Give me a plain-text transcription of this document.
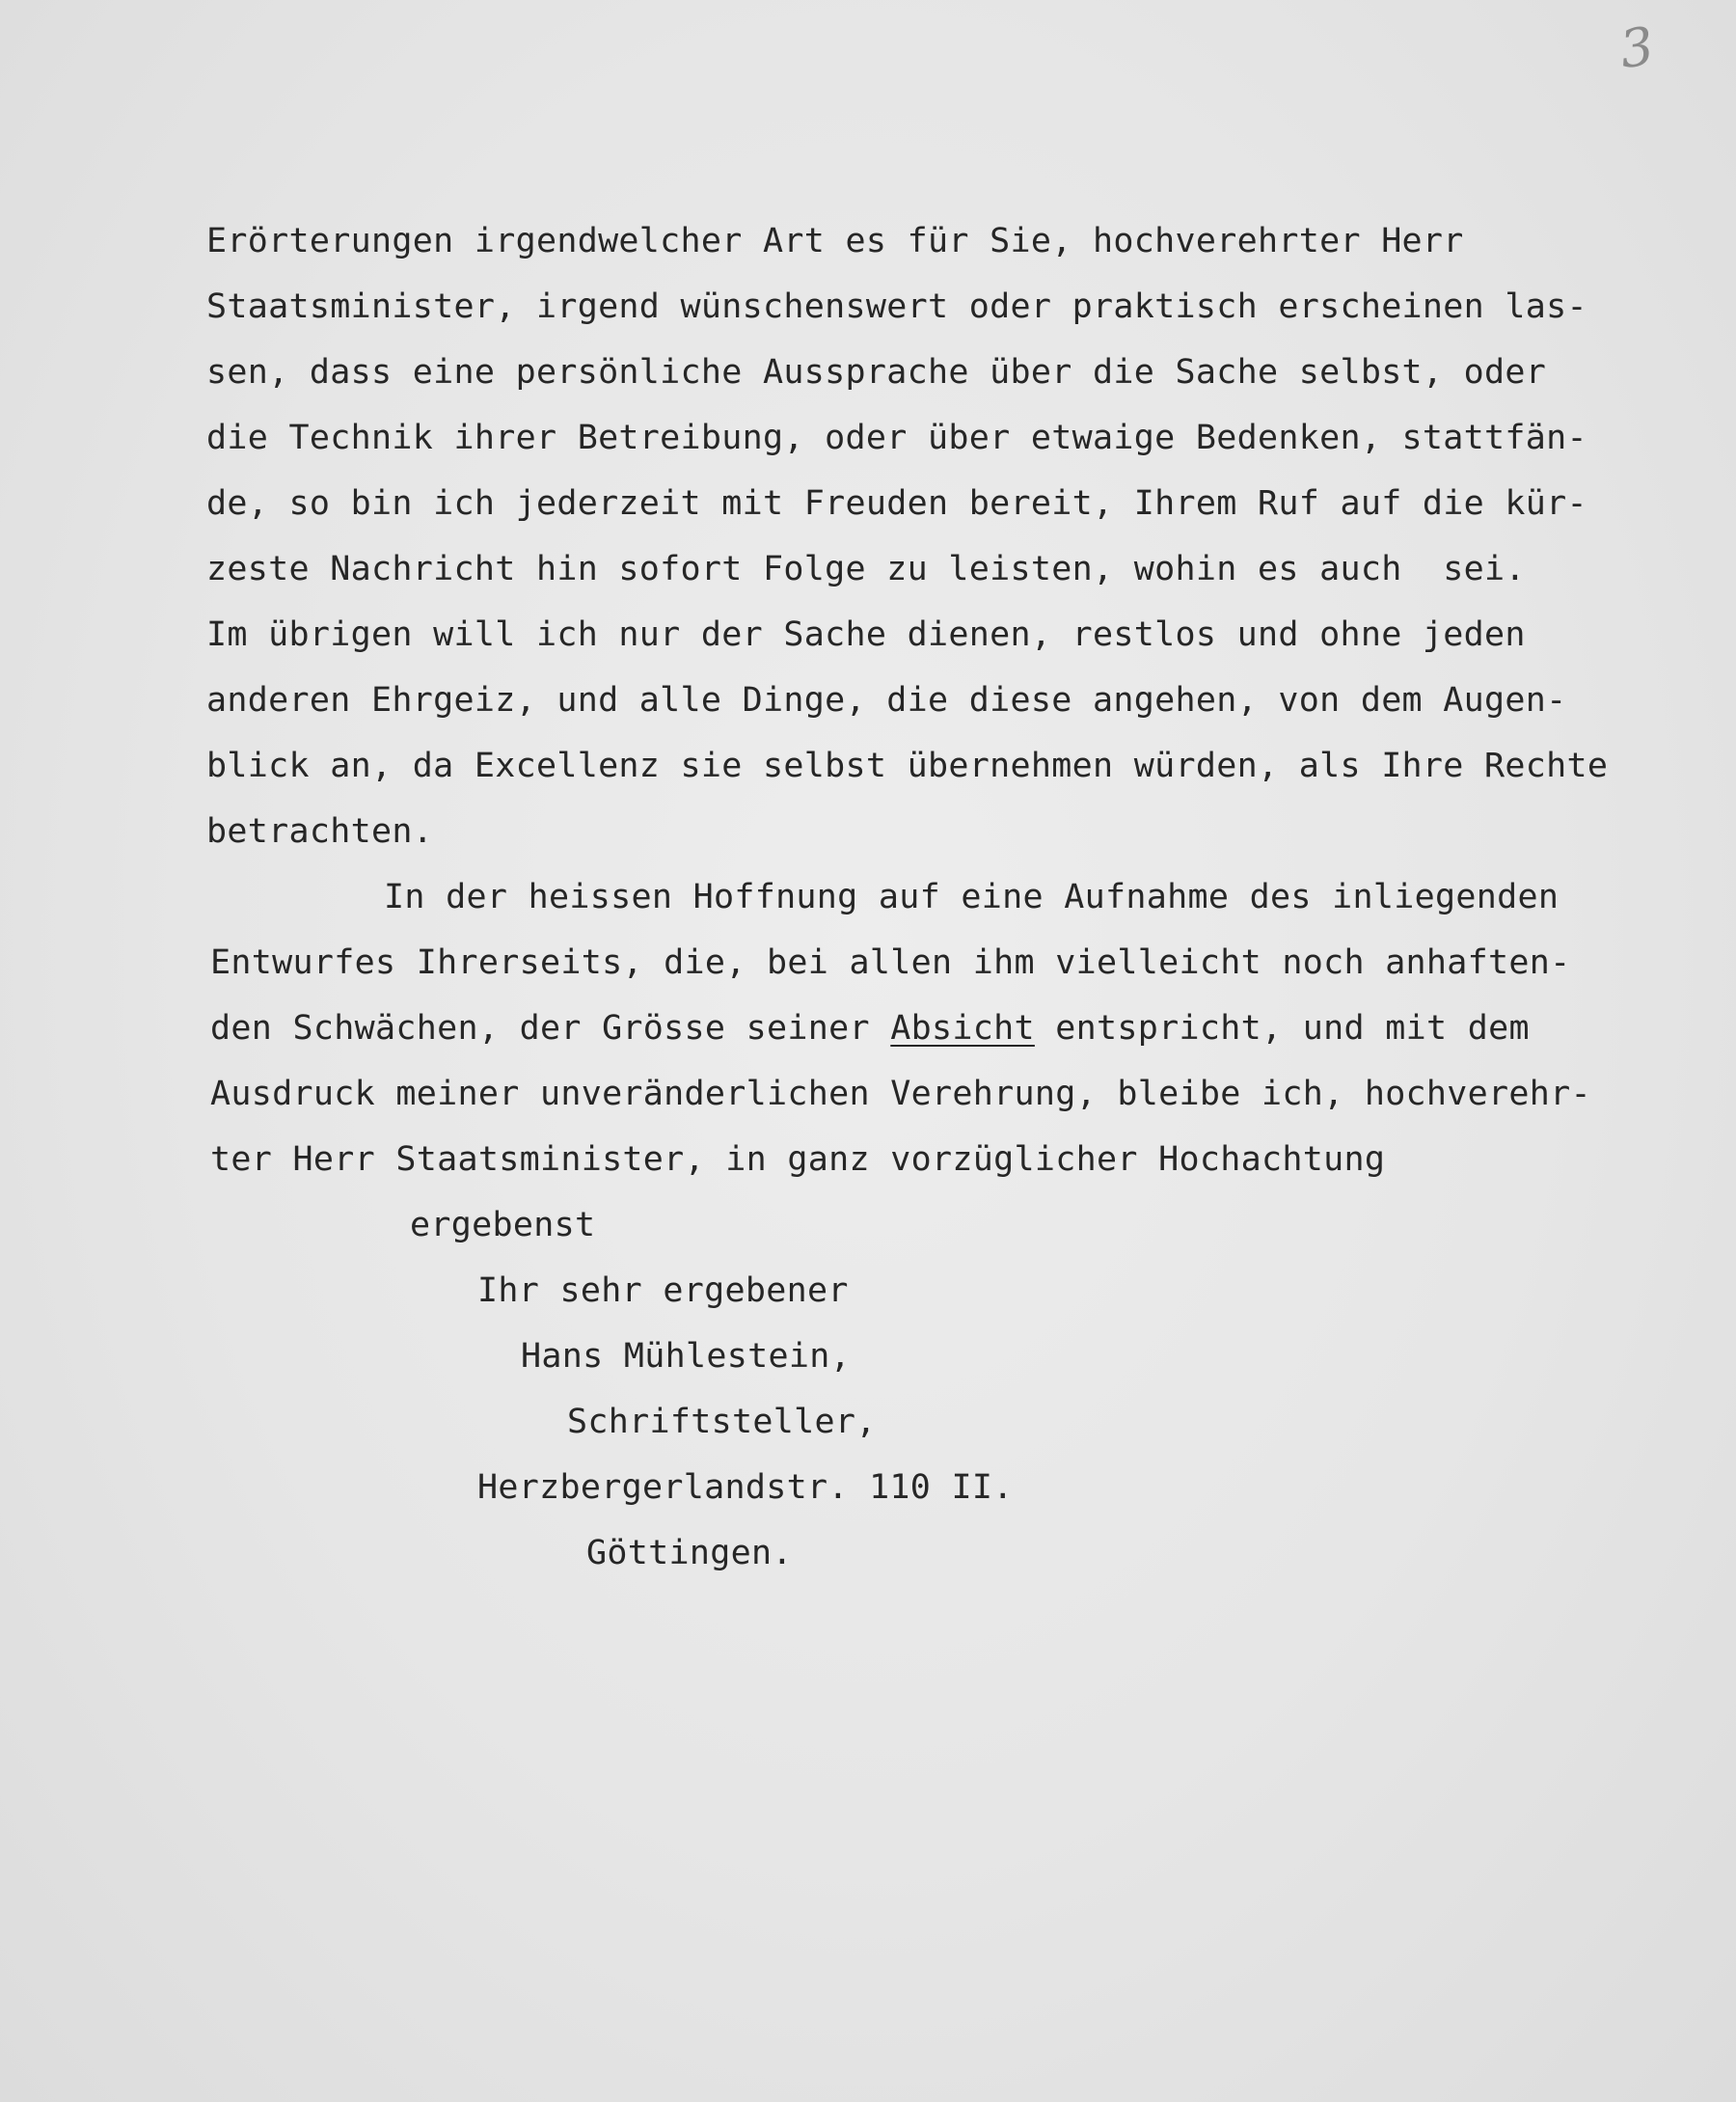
3
Erörterungen irgendwelcher Art es für Sie, hochverehrter Herr
Staatsminister, irgend wünschenswert oder praktisch erscheinen las-
sen, dass eine persönliche Aussprache über die Sache selbst, oder
die Technik ihrer Betreibung, oder über etwaige Bedenken, stattfän-
de, so bin ich jederzeit mit Freuden bereit, Ihrem Ruf auf die kür-
zeste Nachricht hin sofort Folge zu leisten, wohin es auch  sei.
Im übrigen will ich nur der Sache dienen, restlos und ohne jeden
anderen Ehrgeiz, und alle Dinge, die diese angehen, von dem Augen-
blick an, da Excellenz sie selbst übernehmen würden, als Ihre Rechte
betrachten.
In der heissen Hoffnung auf eine Aufnahme des inliegenden
Entwurfes Ihrerseits, die, bei allen ihm vielleicht noch anhaften-
den Schwächen, der Grösse seiner Absicht entspricht, und mit dem
Ausdruck meiner unveränderlichen Verehrung, bleibe ich, hochverehr-
ter Herr Staatsminister, in ganz vorzüglicher Hochachtung
ergebenst
Ihr sehr ergebener
Hans Mühlestein,
Schriftsteller,
Herzbergerlandstr. 110 II.
Göttingen.
